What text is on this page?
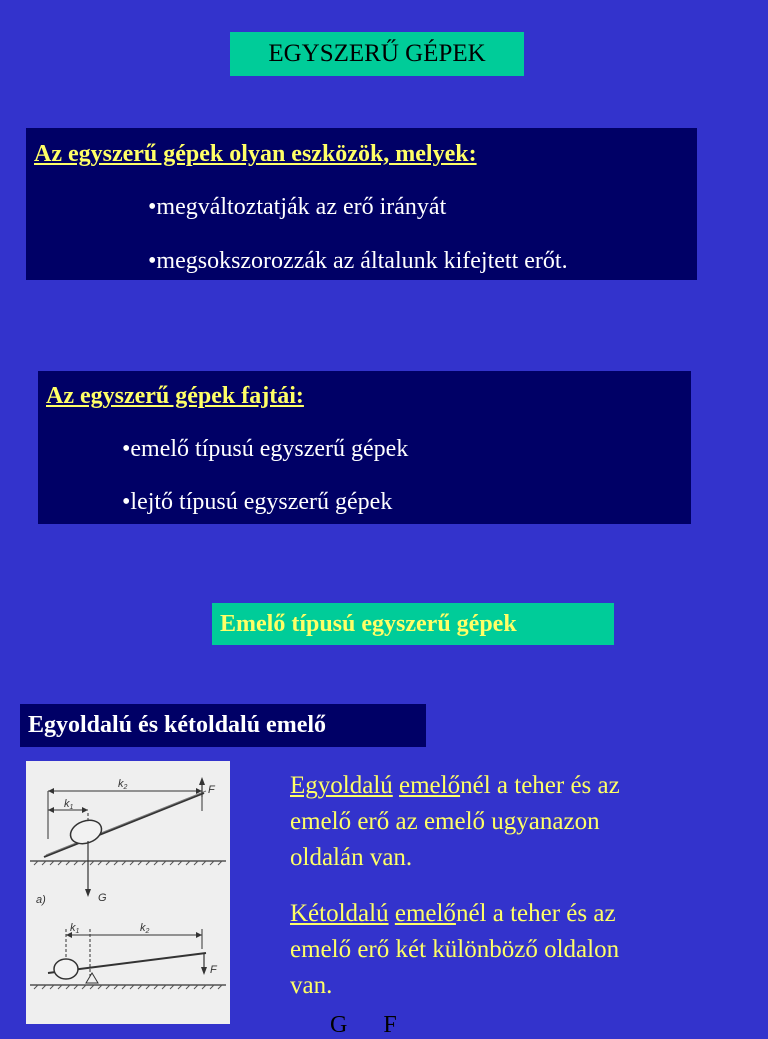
EGYSZERŰ GÉPEK
Az egyszerű gépek olyan eszközök, melyek:
•megváltoztatják az erő irányát
•megsokszorozzák az általunk kifejtett erőt.
Az egyszerű gépek fajtái:
•emelő típusú egyszerű gépek
•lejtő típusú egyszerű gépek
Emelő típusú egyszerű gépek
Egyoldalú és kétoldalú emelő
k2
k1
F
G
a)
k1	k2
F
Egyoldalú emelőnél a teher és az
emelő erő az emelő ugyanazon
oldalán van.
Kétoldalú emelőnél a teher és az
emelő erő két különböző oldalon
van.
G      F
